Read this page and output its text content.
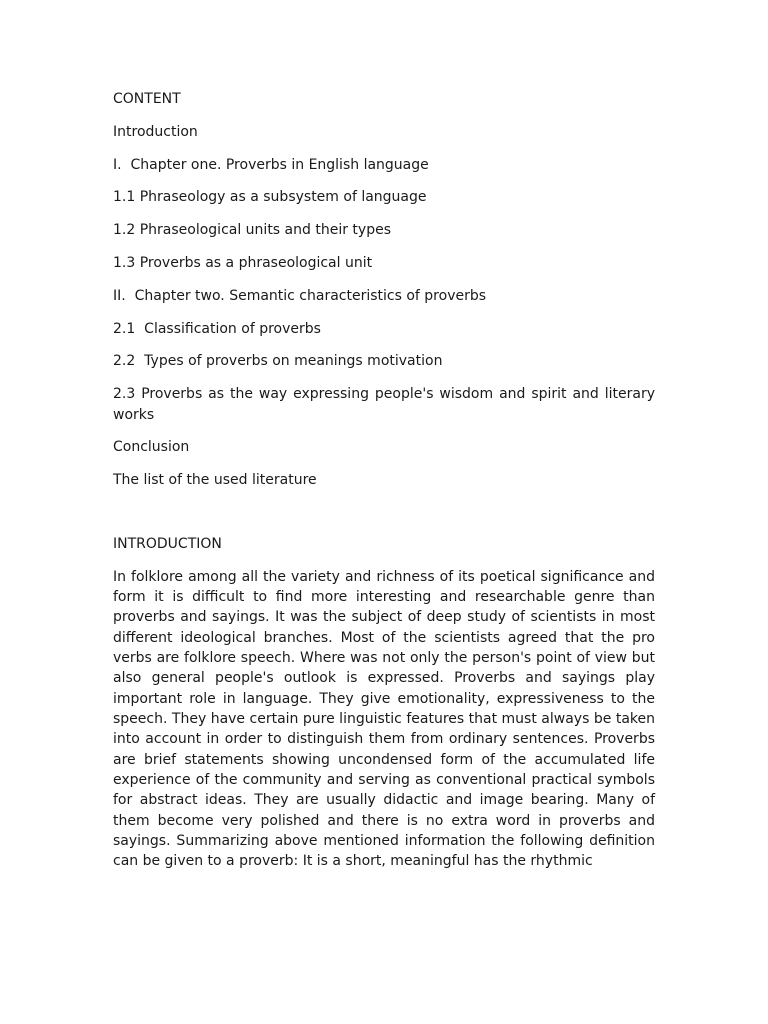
CONTENT

Introduction

I.  Chapter one. Proverbs in English language

1.1 Phraseology as a subsystem of language

1.2 Phraseological units and their types

1.3 Proverbs as a phraseological unit

II.  Chapter two. Semantic characteristics of proverbs

2.1  Classification of proverbs

2.2  Types of proverbs on meanings motivation

2.3 Proverbs as the way expressing people's wisdom and spirit and literary works

Conclusion

The list of the used literature

INTRODUCTION

In folklore among all the variety and richness of its poetical significance and form it is difficult to find more interesting and researchable genre than proverbs and sayings. It was the subject of deep study of scientists in most different ideological branches. Most of the scientists agreed that the pro verbs are folklore speech. Where was not only the person's point of view but also general people's outlook is expressed. Proverbs and sayings play important role in language. They give emotionality, expressiveness to the speech. They have certain pure linguistic features that must always be taken into account in order to distinguish them from ordinary sentences. Proverbs are brief statements showing uncondensed form of the accumulated life experience of the community and serving as conventional practical symbols for abstract ideas. They are usually didactic and image bearing. Many of them become very polished and there is no extra word in proverbs and sayings. Summarizing above mentioned information the following definition can be given to a proverb: It is a short, meaningful has the rhythmic
